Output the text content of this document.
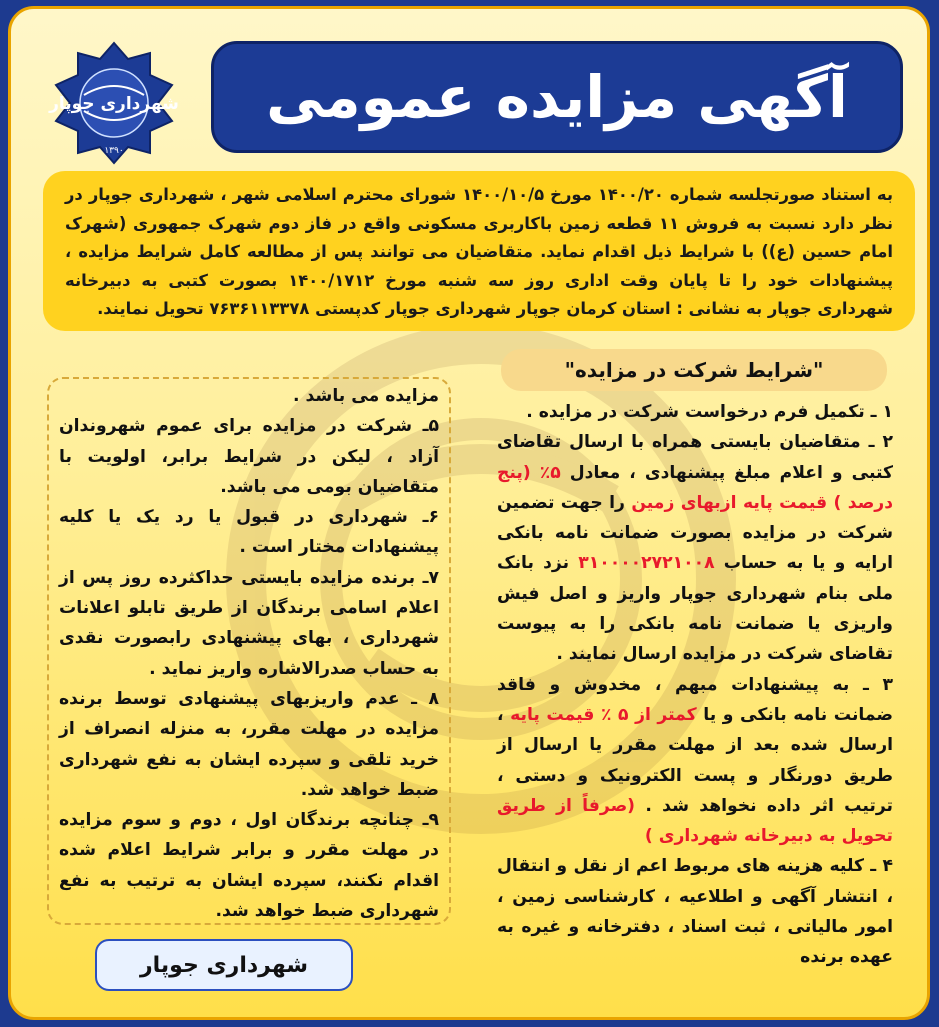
شهرداری جوپار
۱۳۹۰
آگهی مزایده عمومی

به استناد صورتجلسه شماره ۱۴۰۰/۲۰ مورخ ۱۴۰۰/۱۰/۵ شورای محترم اسلامی شهر ، شهرداری جوپار در نظر دارد نسبت به فروش ۱۱ قطعه زمین باکاربری مسکونی واقع در فاز دوم شهرک جمهوری (شهرک امام حسین (ع)) با شرایط ذیل اقدام نماید. متقاضیان می توانند پس از مطالعه کامل شرایط مزایده ، پیشنهادات خود را تا پایان وقت اداری روز سه شنبه مورخ ۱۴۰۰/۱۷۱۲ بصورت کتبی به دبیرخانه شهرداری جوپار به نشانی : استان کرمان جوپار شهرداری جوپار کدپستی ۷۶۳۶۱۱۳۳۷۸ تحویل نمایند.

"شرایط شرکت در مزایده"

۱ ـ تکمیل فرم درخواست شرکت در مزایده .

۲ ـ متقاضیان بایستی همراه با ارسال تقاضای کتبی و اعلام مبلغ پیشنهادی ، معادل ۵٪ (پنج درصد ) قیمت پایه ازبهای زمین را جهت تضمین شرکت در مزایده بصورت ضمانت نامه بانکی ارایه و یا به حساب ۳۱۰۰۰۰۲۷۲۱۰۰۸ نزد بانک ملی بنام شهرداری جوپار واریز و اصل فیش واریزی یا ضمانت نامه بانکی را به پیوست تقاضای شرکت در مزایده ارسال نمایند .

۳ ـ به پیشنهادات مبهم ، مخدوش و فاقد ضمانت نامه بانکی و یا کمتر از ۵ ٪ قیمت پایه ، ارسال شده بعد از مهلت مقرر یا ارسال از طریق دورنگار و پست الکترونیک و دستی ، ترتیب اثر داده نخواهد شد . (صرفاً از طریق تحویل به دبیرخانه شهرداری )

۴ ـ کلیه هزینه های مربوط اعم از نقل و انتقال ، انتشار آگهی و اطلاعیه ، کارشناسی زمین ، امور مالیاتی ، ثبت اسناد ، دفترخانه و غیره به عهده برنده

مزایده می باشد .

۵ـ شرکت در مزایده برای عموم شهروندان آزاد ، لیکن در شرایط برابر، اولویت با متقاضیان بومی می باشد.

۶ـ شهرداری در قبول یا رد یک یا کلیه پیشنهادات مختار است .

۷ـ برنده مزایده بایستی حداکثرده روز پس از اعلام اسامی برندگان از طریق تابلو اعلانات شهرداری ، بهای پیشنهادی رابصورت نقدی به حساب صدرالاشاره واریز نماید .

۸ ـ عدم واریزبهای پیشنهادی توسط برنده مزایده در مهلت مقرر، به منزله انصراف از خرید تلقی و سپرده ایشان به نفع شهرداری ضبط خواهد شد.

۹ـ چنانچه برندگان اول ، دوم و سوم مزایده در مهلت مقرر و برابر شرایط اعلام شده اقدام نکنند، سپرده ایشان به ترتیب به نفع شهرداری ضبط خواهد شد.

شهرداری جوپار
